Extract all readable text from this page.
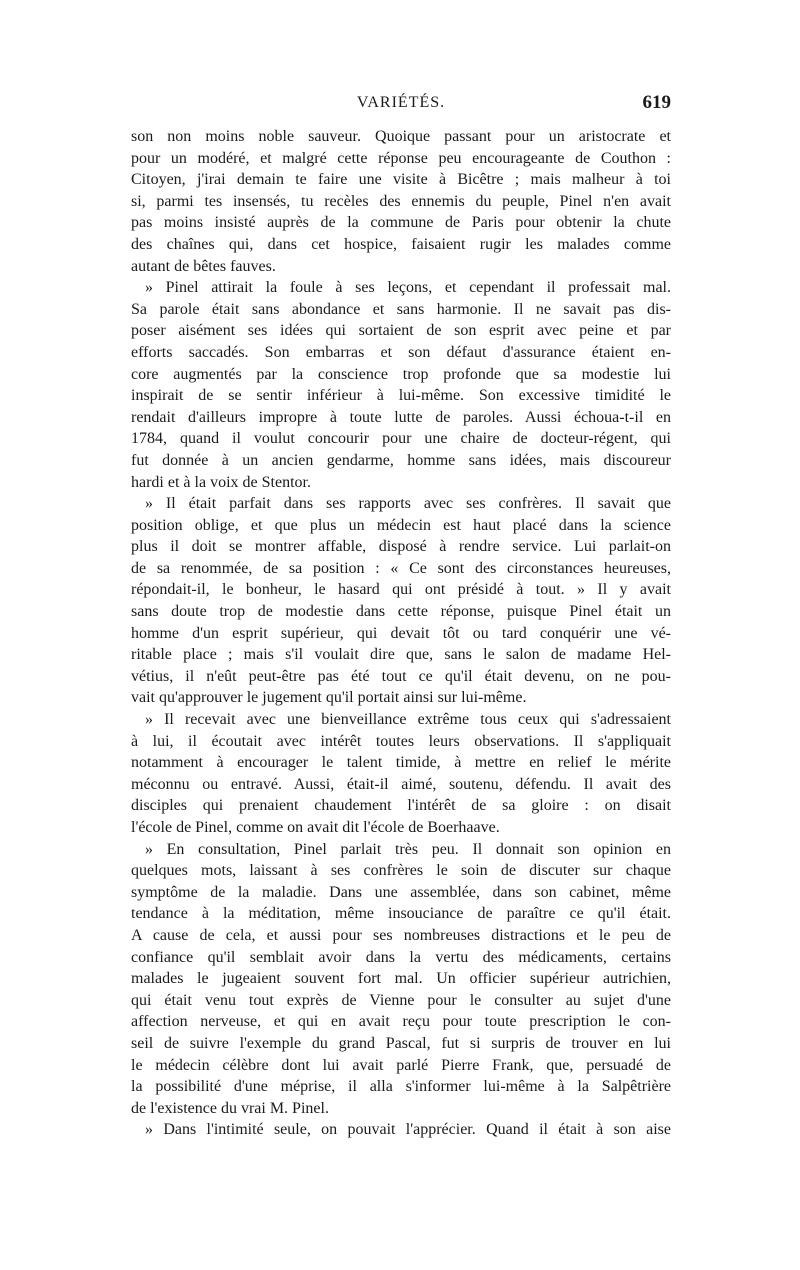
VARIÉTÉS.	619
son non moins noble sauveur. Quoique passant pour un aristocrate et
pour un modéré, et malgré cette réponse peu encourageante de Couthon :
Citoyen, j'irai demain te faire une visite à Bicêtre ; mais malheur à toi
si, parmi tes insensés, tu recèles des ennemis du peuple, Pinel n'en avait
pas moins insisté auprès de la commune de Paris pour obtenir la chute
des chaînes qui, dans cet hospice, faisaient rugir les malades comme
autant de bêtes fauves.
» Pinel attirait la foule à ses leçons, et cependant il professait mal.
Sa parole était sans abondance et sans harmonie. Il ne savait pas dis-
poser aisément ses idées qui sortaient de son esprit avec peine et par
efforts saccadés. Son embarras et son défaut d'assurance étaient en-
core augmentés par la conscience trop profonde que sa modestie lui
inspirait de se sentir inférieur à lui-même. Son excessive timidité le
rendait d'ailleurs impropre à toute lutte de paroles. Aussi échoua-t-il en
1784, quand il voulut concourir pour une chaire de docteur-régent, qui
fut donnée à un ancien gendarme, homme sans idées, mais discoureur
hardi et à la voix de Stentor.
» Il était parfait dans ses rapports avec ses confrères. Il savait que
position oblige, et que plus un médecin est haut placé dans la science
plus il doit se montrer affable, disposé à rendre service. Lui parlait-on
de sa renommée, de sa position : « Ce sont des circonstances heureuses,
répondait-il, le bonheur, le hasard qui ont présidé à tout. » Il y avait
sans doute trop de modestie dans cette réponse, puisque Pinel était un
homme d'un esprit supérieur, qui devait tôt ou tard conquérir une vé-
ritable place ; mais s'il voulait dire que, sans le salon de madame Hel-
vétius, il n'eût peut-être pas été tout ce qu'il était devenu, on ne pou-
vait qu'approuver le jugement qu'il portait ainsi sur lui-même.
» Il recevait avec une bienveillance extrême tous ceux qui s'adressaient
à lui, il écoutait avec intérêt toutes leurs observations. Il s'appliquait
notamment à encourager le talent timide, à mettre en relief le mérite
méconnu ou entravé. Aussi, était-il aimé, soutenu, défendu. Il avait des
disciples qui prenaient chaudement l'intérêt de sa gloire : on disait
l'école de Pinel, comme on avait dit l'école de Boerhaave.
» En consultation, Pinel parlait très peu. Il donnait son opinion en
quelques mots, laissant à ses confrères le soin de discuter sur chaque
symptôme de la maladie. Dans une assemblée, dans son cabinet, même
tendance à la méditation, même insouciance de paraître ce qu'il était.
A cause de cela, et aussi pour ses nombreuses distractions et le peu de
confiance qu'il semblait avoir dans la vertu des médicaments, certains
malades le jugeaient souvent fort mal. Un officier supérieur autrichien,
qui était venu tout exprès de Vienne pour le consulter au sujet d'une
affection nerveuse, et qui en avait reçu pour toute prescription le con-
seil de suivre l'exemple du grand Pascal, fut si surpris de trouver en lui
le médecin célèbre dont lui avait parlé Pierre Frank, que, persuadé de
la possibilité d'une méprise, il alla s'informer lui-même à la Salpêtrière
de l'existence du vrai M. Pinel.
» Dans l'intimité seule, on pouvait l'apprécier. Quand il était à son aise
